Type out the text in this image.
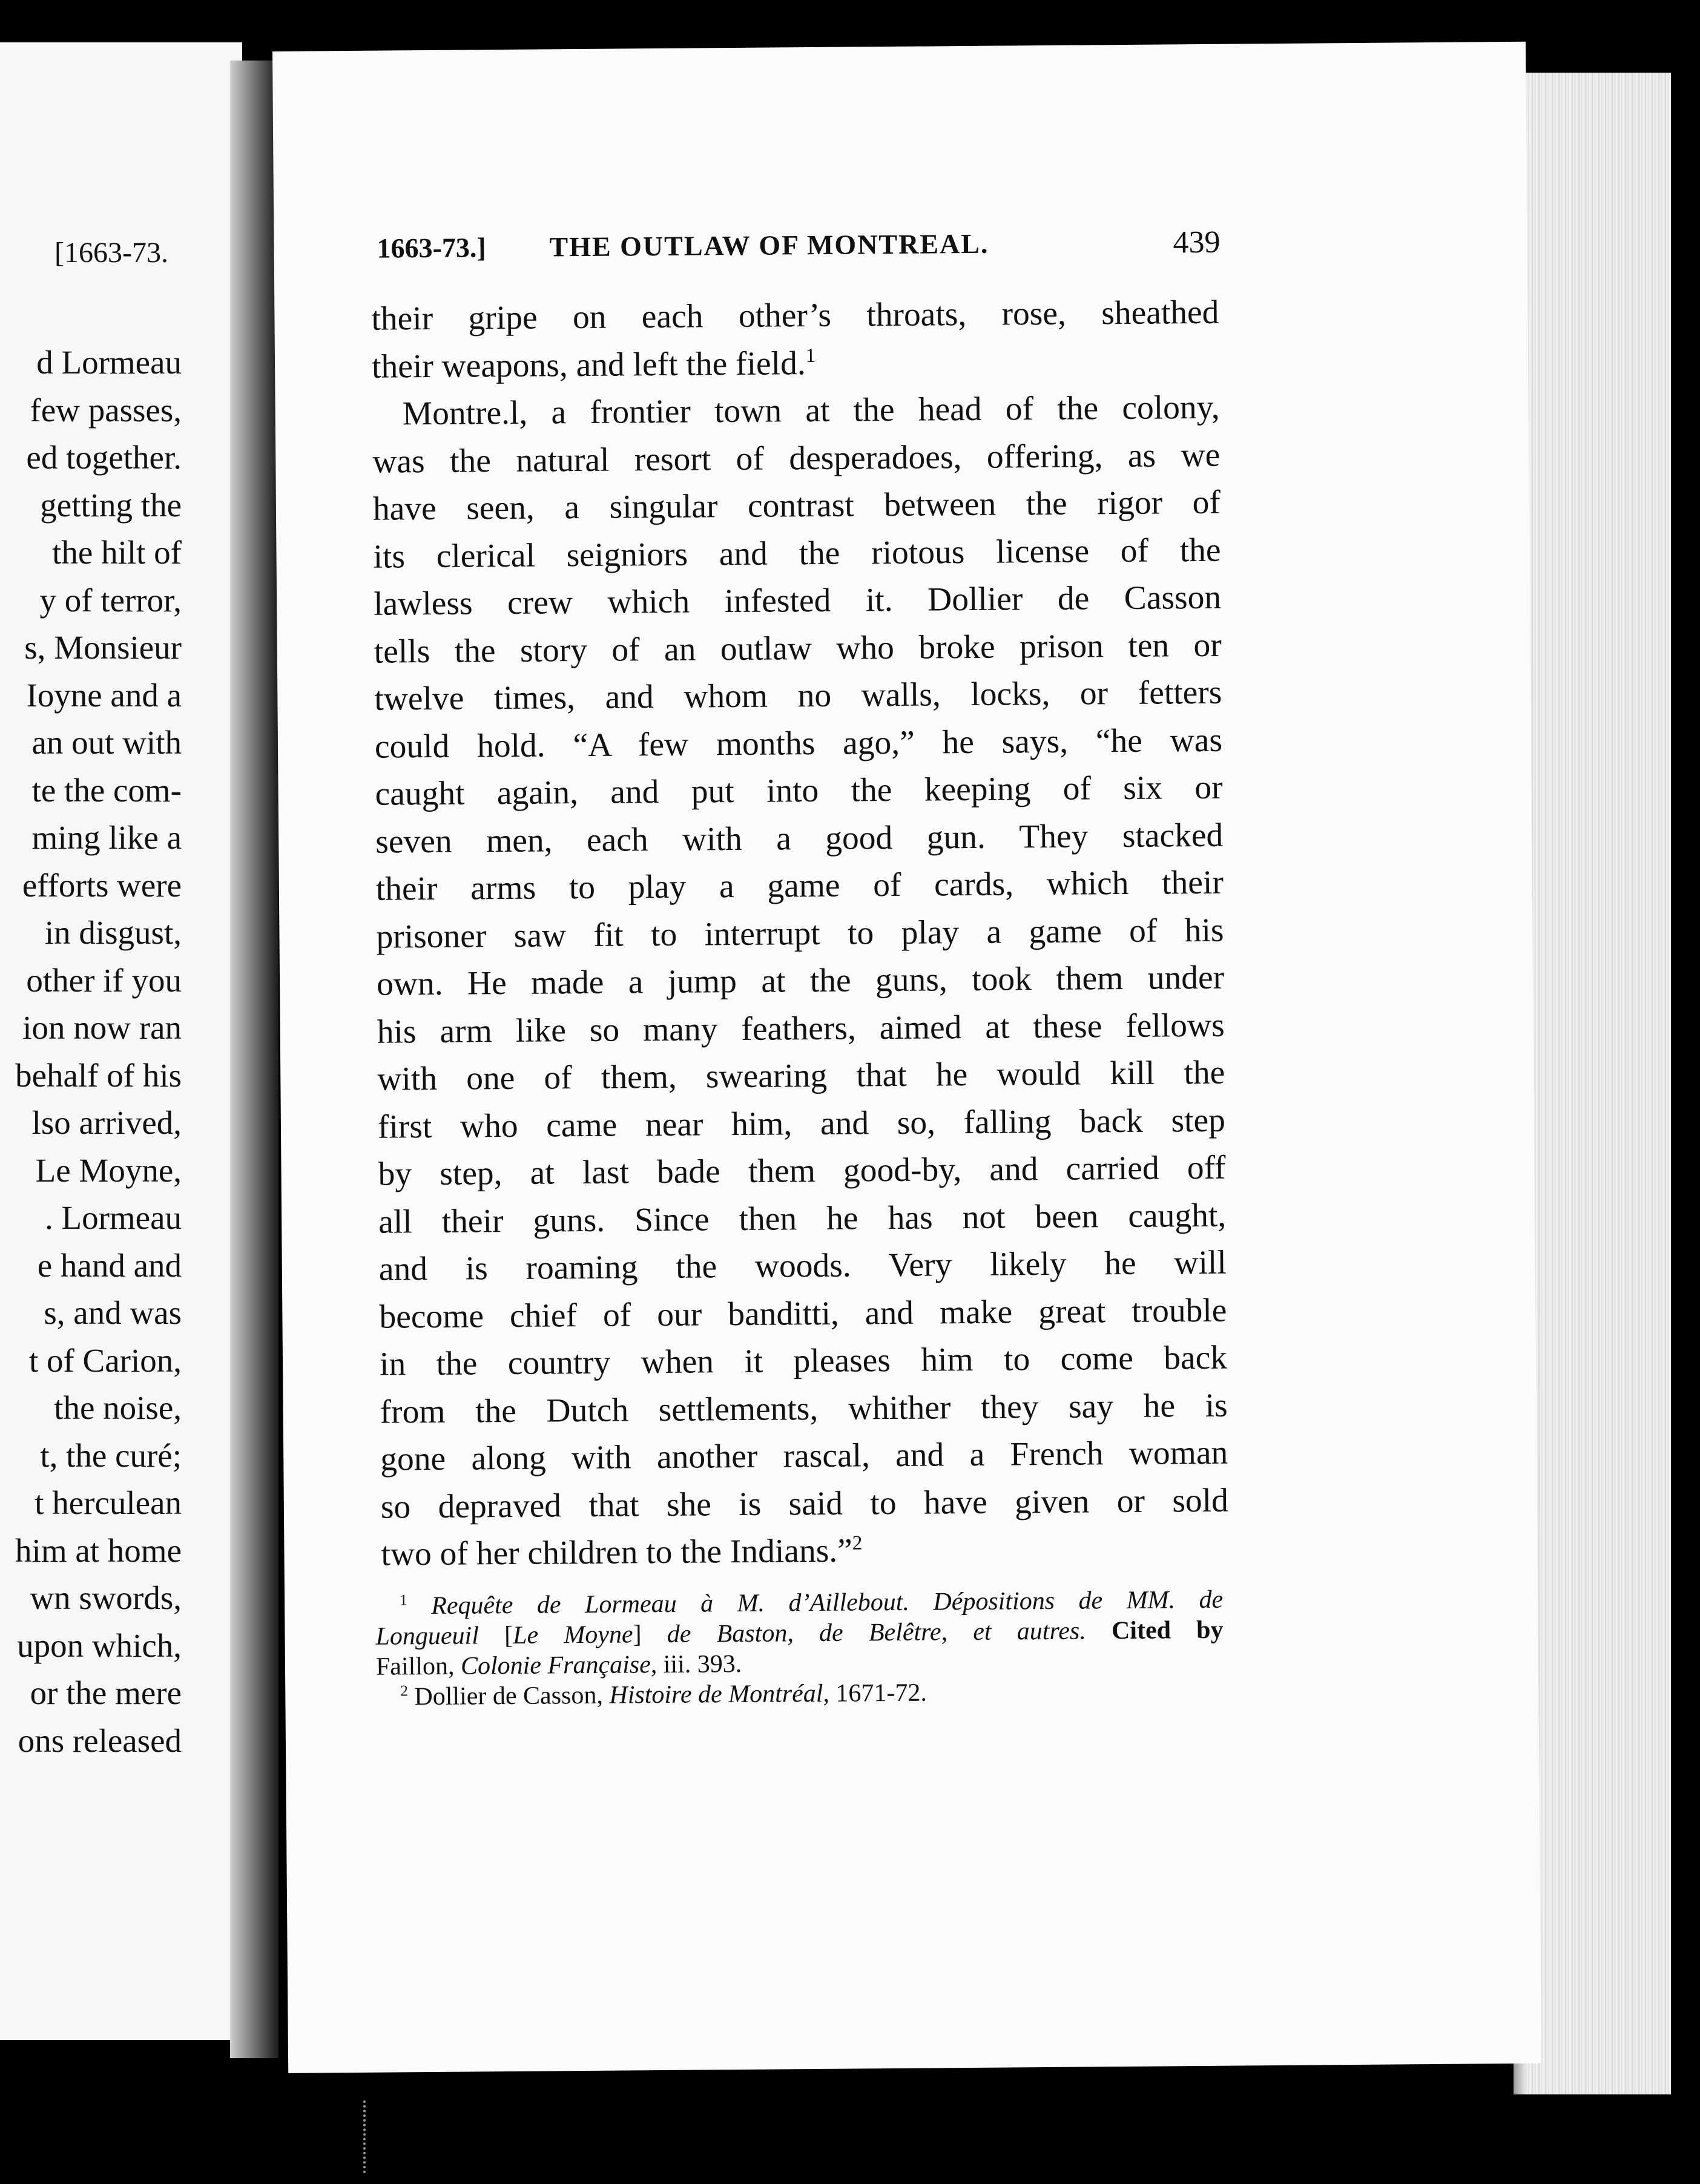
[1663-73.
d Lormeau
few passes,
ed together.
getting the
the hilt of
y of terror,
s, Monsieur
Ioyne and a
an out with
te the com-
ming like a
efforts were
in disgust,
other if you
ion now ran
behalf of his
lso arrived,
Le Moyne,
. Lormeau
e hand and
s, and was
t of Carion,
the noise,
t, the curé;
t herculean
him at home
wn swords,
upon which,
or the mere
ons released
1663-73.] THE OUTLAW OF MONTREAL.	439
their gripe on each other’s throats, rose, sheathed
their weapons, and left the field.$^1$
Montre.l, a frontier town at the head of the colony,
was the natural resort of desperadoes, offering, as we
have seen, a singular contrast between the rigor of
its clerical seigniors and the riotous license of the
lawless crew which infested it. Dollier de Casson
tells the story of an outlaw who broke prison ten or
twelve times, and whom no walls, locks, or fetters
could hold. “A few months ago,” he says, “he was
caught again, and put into the keeping of six or
seven men, each with a good gun. They stacked
their arms to play a game of cards, which their
prisoner saw fit to interrupt to play a game of his
own. He made a jump at the guns, took them under
his arm like so many feathers, aimed at these fellows
with one of them, swearing that he would kill the
first who came near him, and so, falling back step
by step, at last bade them good-by, and carried off
all their guns. Since then he has not been caught,
and is roaming the woods. Very likely he will
become chief of our banditti, and make great trouble
in the country when it pleases him to come back
from the Dutch settlements, whither they say he is
gone along with another rascal, and a French woman
so depraved that she is said to have given or sold
two of her children to the Indians.”$^2$
$^1$ Requête de Lormeau à M. d’Aillebout. Dépositions de MM. de
Longueuil [Le Moyne] de Baston, de Belêtre, et autres. Cited by
Faillon, Colonie Française, iii. 393.
$^2$ Dollier de Casson, Histoire de Montréal, 1671-72.
